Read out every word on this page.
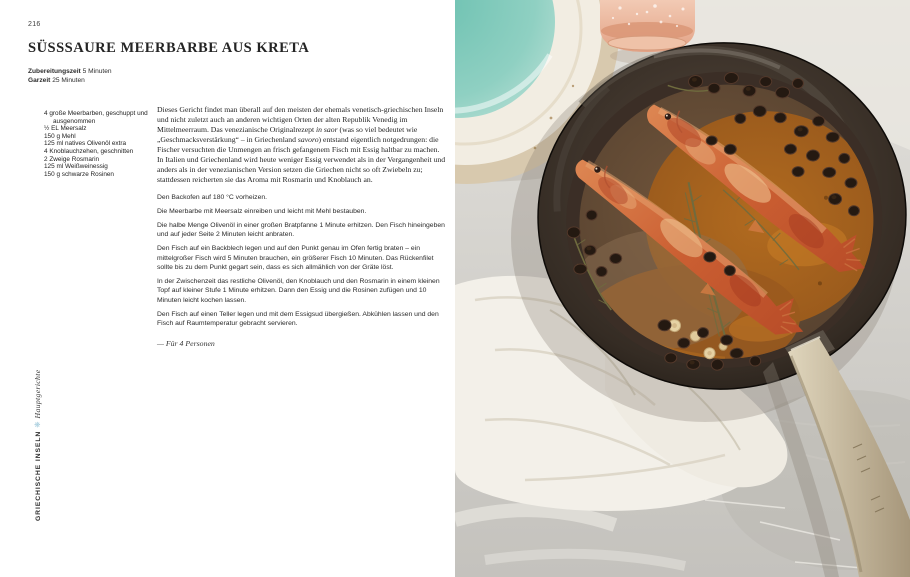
216
SÜSSSAURE MEERBARBE AUS KRETA
Zubereitungszeit 5 Minuten
Garzeit 25 Minuten
4 große Meerbarben, geschuppt und ausgenommen
½ EL Meersalz
150 g Mehl
125 ml natives Olivenöl extra
4 Knoblauchzehen, geschnitten
2 Zweige Rosmarin
125 ml Weißweinessig
150 g schwarze Rosinen

Dieses Gericht findet man überall auf den meisten der ehemals venetisch-griechischen Inseln und nicht zuletzt auch an anderen wichtigen Orten der alten Republik Venedig im Mittelmeerraum. Das venezianische Originalrezept in saor (was so viel bedeutet wie „Geschmacksverstärkung“ – in Griechenland savoro) entstand eigentlich notgedrungen: die Fischer versuchten die Unmengen an frisch gefangenem Fisch mit Essig haltbar zu machen. In Italien und Griechenland wird heute weniger Essig verwendet als in der Vergangenheit und anders als in der venezianischen Version setzen die Griechen nicht so oft Zwiebeln zu; stattdessen reicherten sie das Aroma mit Rosmarin und Knoblauch an.

Den Backofen auf 180 °C vorheizen.

Die Meerbarbe mit Meersalz einreiben und leicht mit Mehl bestauben.

Die halbe Menge Olivenöl in einer großen Bratpfanne 1 Minute erhitzen. Den Fisch hineingeben und auf jeder Seite 2 Minuten leicht anbraten.

Den Fisch auf ein Backblech legen und auf den Punkt genau im Ofen fertig braten – ein mittelgroßer Fisch wird 5 Minuten brauchen, ein größerer Fisch 10 Minuten. Das Rückenfilet sollte bis zu dem Punkt gegart sein, dass es sich allmählich von der Gräte löst.

In der Zwischenzeit das restliche Olivenöl, den Knoblauch und den Rosmarin in einem kleinen Topf auf kleiner Stufe 1 Minute erhitzen. Dann den Essig und die Rosinen zufügen und 10 Minuten leicht kochen lassen.

Den Fisch auf einen Teller legen und mit dem Essigsud übergießen. Abkühlen lassen und den Fisch auf Raumtemperatur gebracht servieren.

— Für 4 Personen

GRIECHISCHE INSELN❋Hauptgerichte
